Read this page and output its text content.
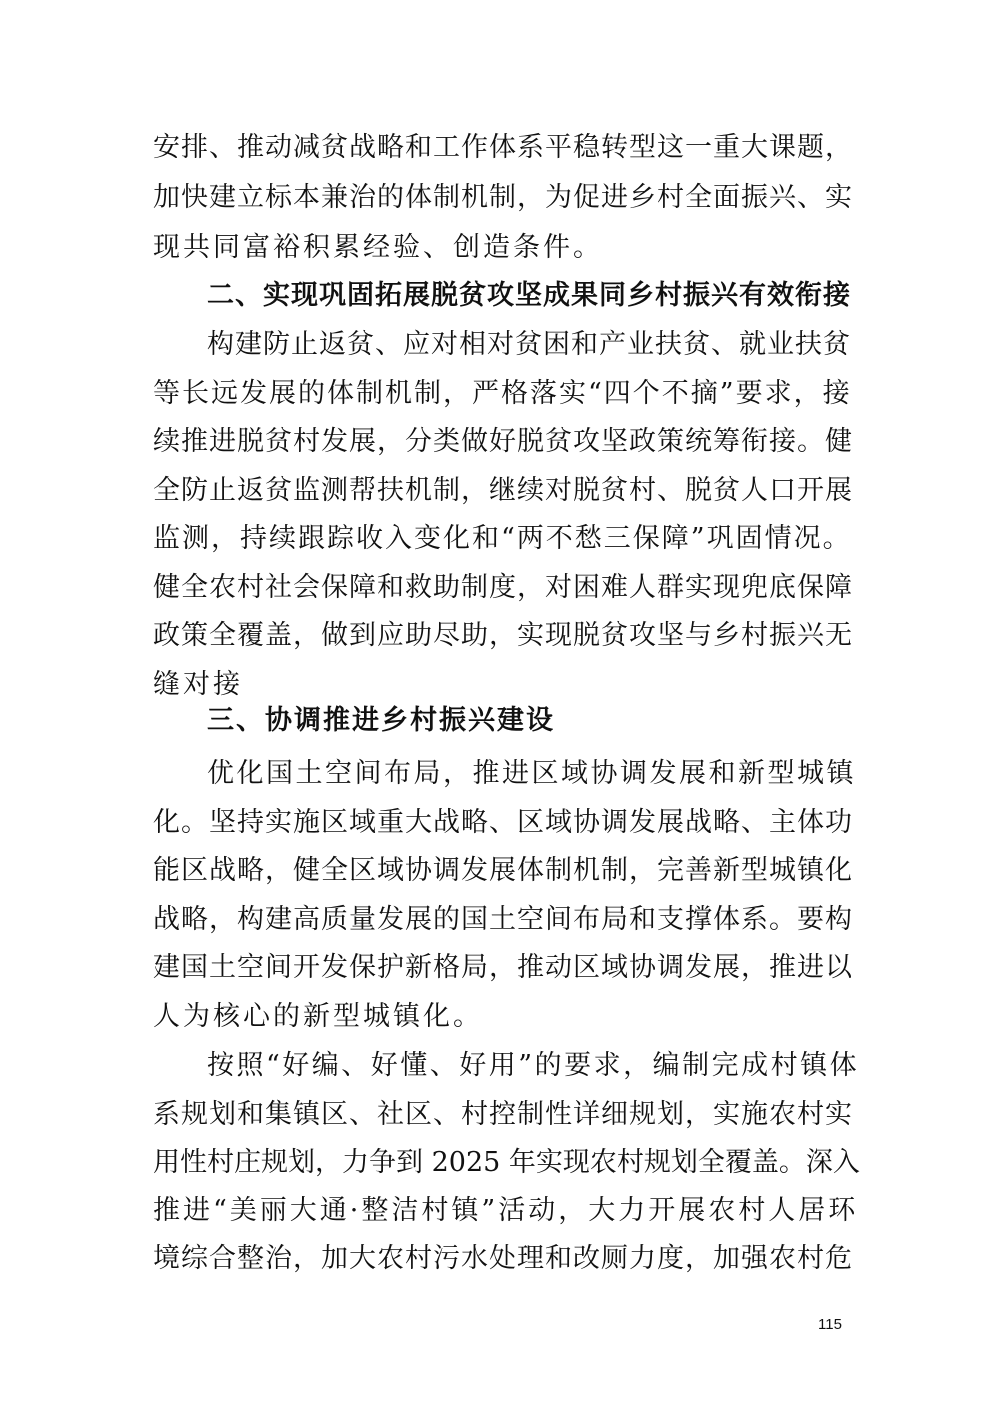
安排、推动减贫战略和工作体系平稳转型这一重大课题，
加快建立标本兼治的体制机制，为促进乡村全面振兴、实
现共同富裕积累经验、创造条件。
二、实现巩固拓展脱贫攻坚成果同乡村振兴有效衔接
构建防止返贫、应对相对贫困和产业扶贫、就业扶贫
等长远发展的体制机制，严格落实“四个不摘”要求，接
续推进脱贫村发展，分类做好脱贫攻坚政策统筹衔接。健
全防止返贫监测帮扶机制，继续对脱贫村、脱贫人口开展
监测，持续跟踪收入变化和“两不愁三保障”巩固情况。
健全农村社会保障和救助制度，对困难人群实现兜底保障
政策全覆盖，做到应助尽助，实现脱贫攻坚与乡村振兴无
缝对接
三、协调推进乡村振兴建设
优化国土空间布局，推进区域协调发展和新型城镇
化。坚持实施区域重大战略、区域协调发展战略、主体功
能区战略，健全区域协调发展体制机制，完善新型城镇化
战略，构建高质量发展的国土空间布局和支撑体系。要构
建国土空间开发保护新格局，推动区域协调发展，推进以
人为核心的新型城镇化。
按照“好编、好懂、好用”的要求，编制完成村镇体
系规划和集镇区、社区、村控制性详细规划，实施农村实
用性村庄规划，力争到 2025 年实现农村规划全覆盖。深入
推进“美丽大通·整洁村镇”活动，大力开展农村人居环
境综合整治，加大农村污水处理和改厕力度，加强农村危
115
